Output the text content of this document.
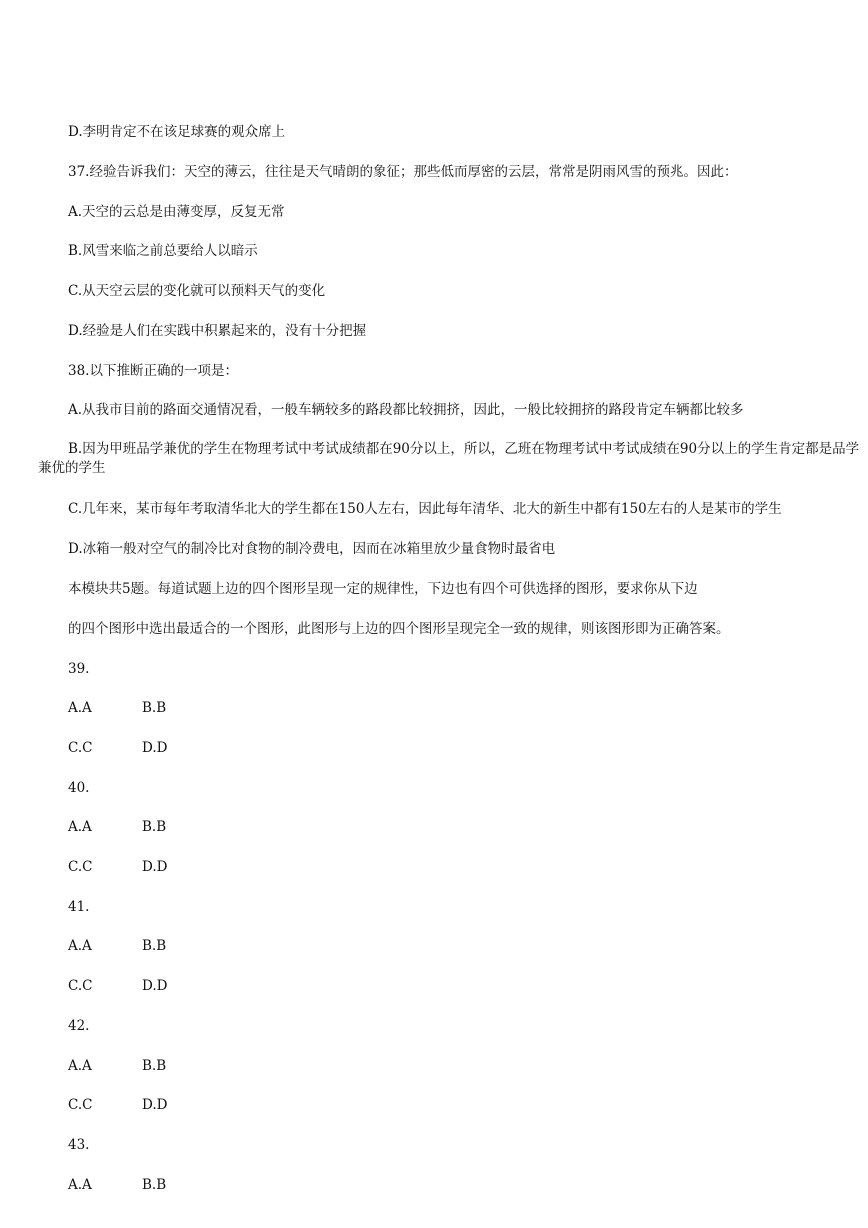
D.李明肯定不在该足球赛的观众席上
37.经验告诉我们：天空的薄云，往往是天气晴朗的象征；那些低而厚密的云层，常常是阴雨风雪的预兆。因此：
A.天空的云总是由薄变厚，反复无常
B.风雪来临之前总要给人以暗示
C.从天空云层的变化就可以预料天气的变化
D.经验是人们在实践中积累起来的，没有十分把握
38.以下推断正确的一项是：
A.从我市目前的路面交通情况看，一般车辆较多的路段都比较拥挤，因此，一般比较拥挤的路段肯定车辆都比较多
B.因为甲班品学兼优的学生在物理考试中考试成绩都在90分以上，所以，乙班在物理考试中考试成绩在90分以上的学生肯定都是品学兼优的学生
C.几年来，某市每年考取清华北大的学生都在150人左右，因此每年清华、北大的新生中都有150左右的人是某市的学生
D.冰箱一般对空气的制冷比对食物的制冷费电，因而在冰箱里放少量食物时最省电
本模块共5题。每道试题上边的四个图形呈现一定的规律性，下边也有四个可供选择的图形，要求你从下边
的四个图形中选出最适合的一个图形，此图形与上边的四个图形呈现完全一致的规律，则该图形即为正确答案。
39.
A.A	B.B
C.C	D.D
40.
A.A	B.B
C.C	D.D
41.
A.A	B.B
C.C	D.D
42.
A.A	B.B
C.C	D.D
43.
A.A	B.B
